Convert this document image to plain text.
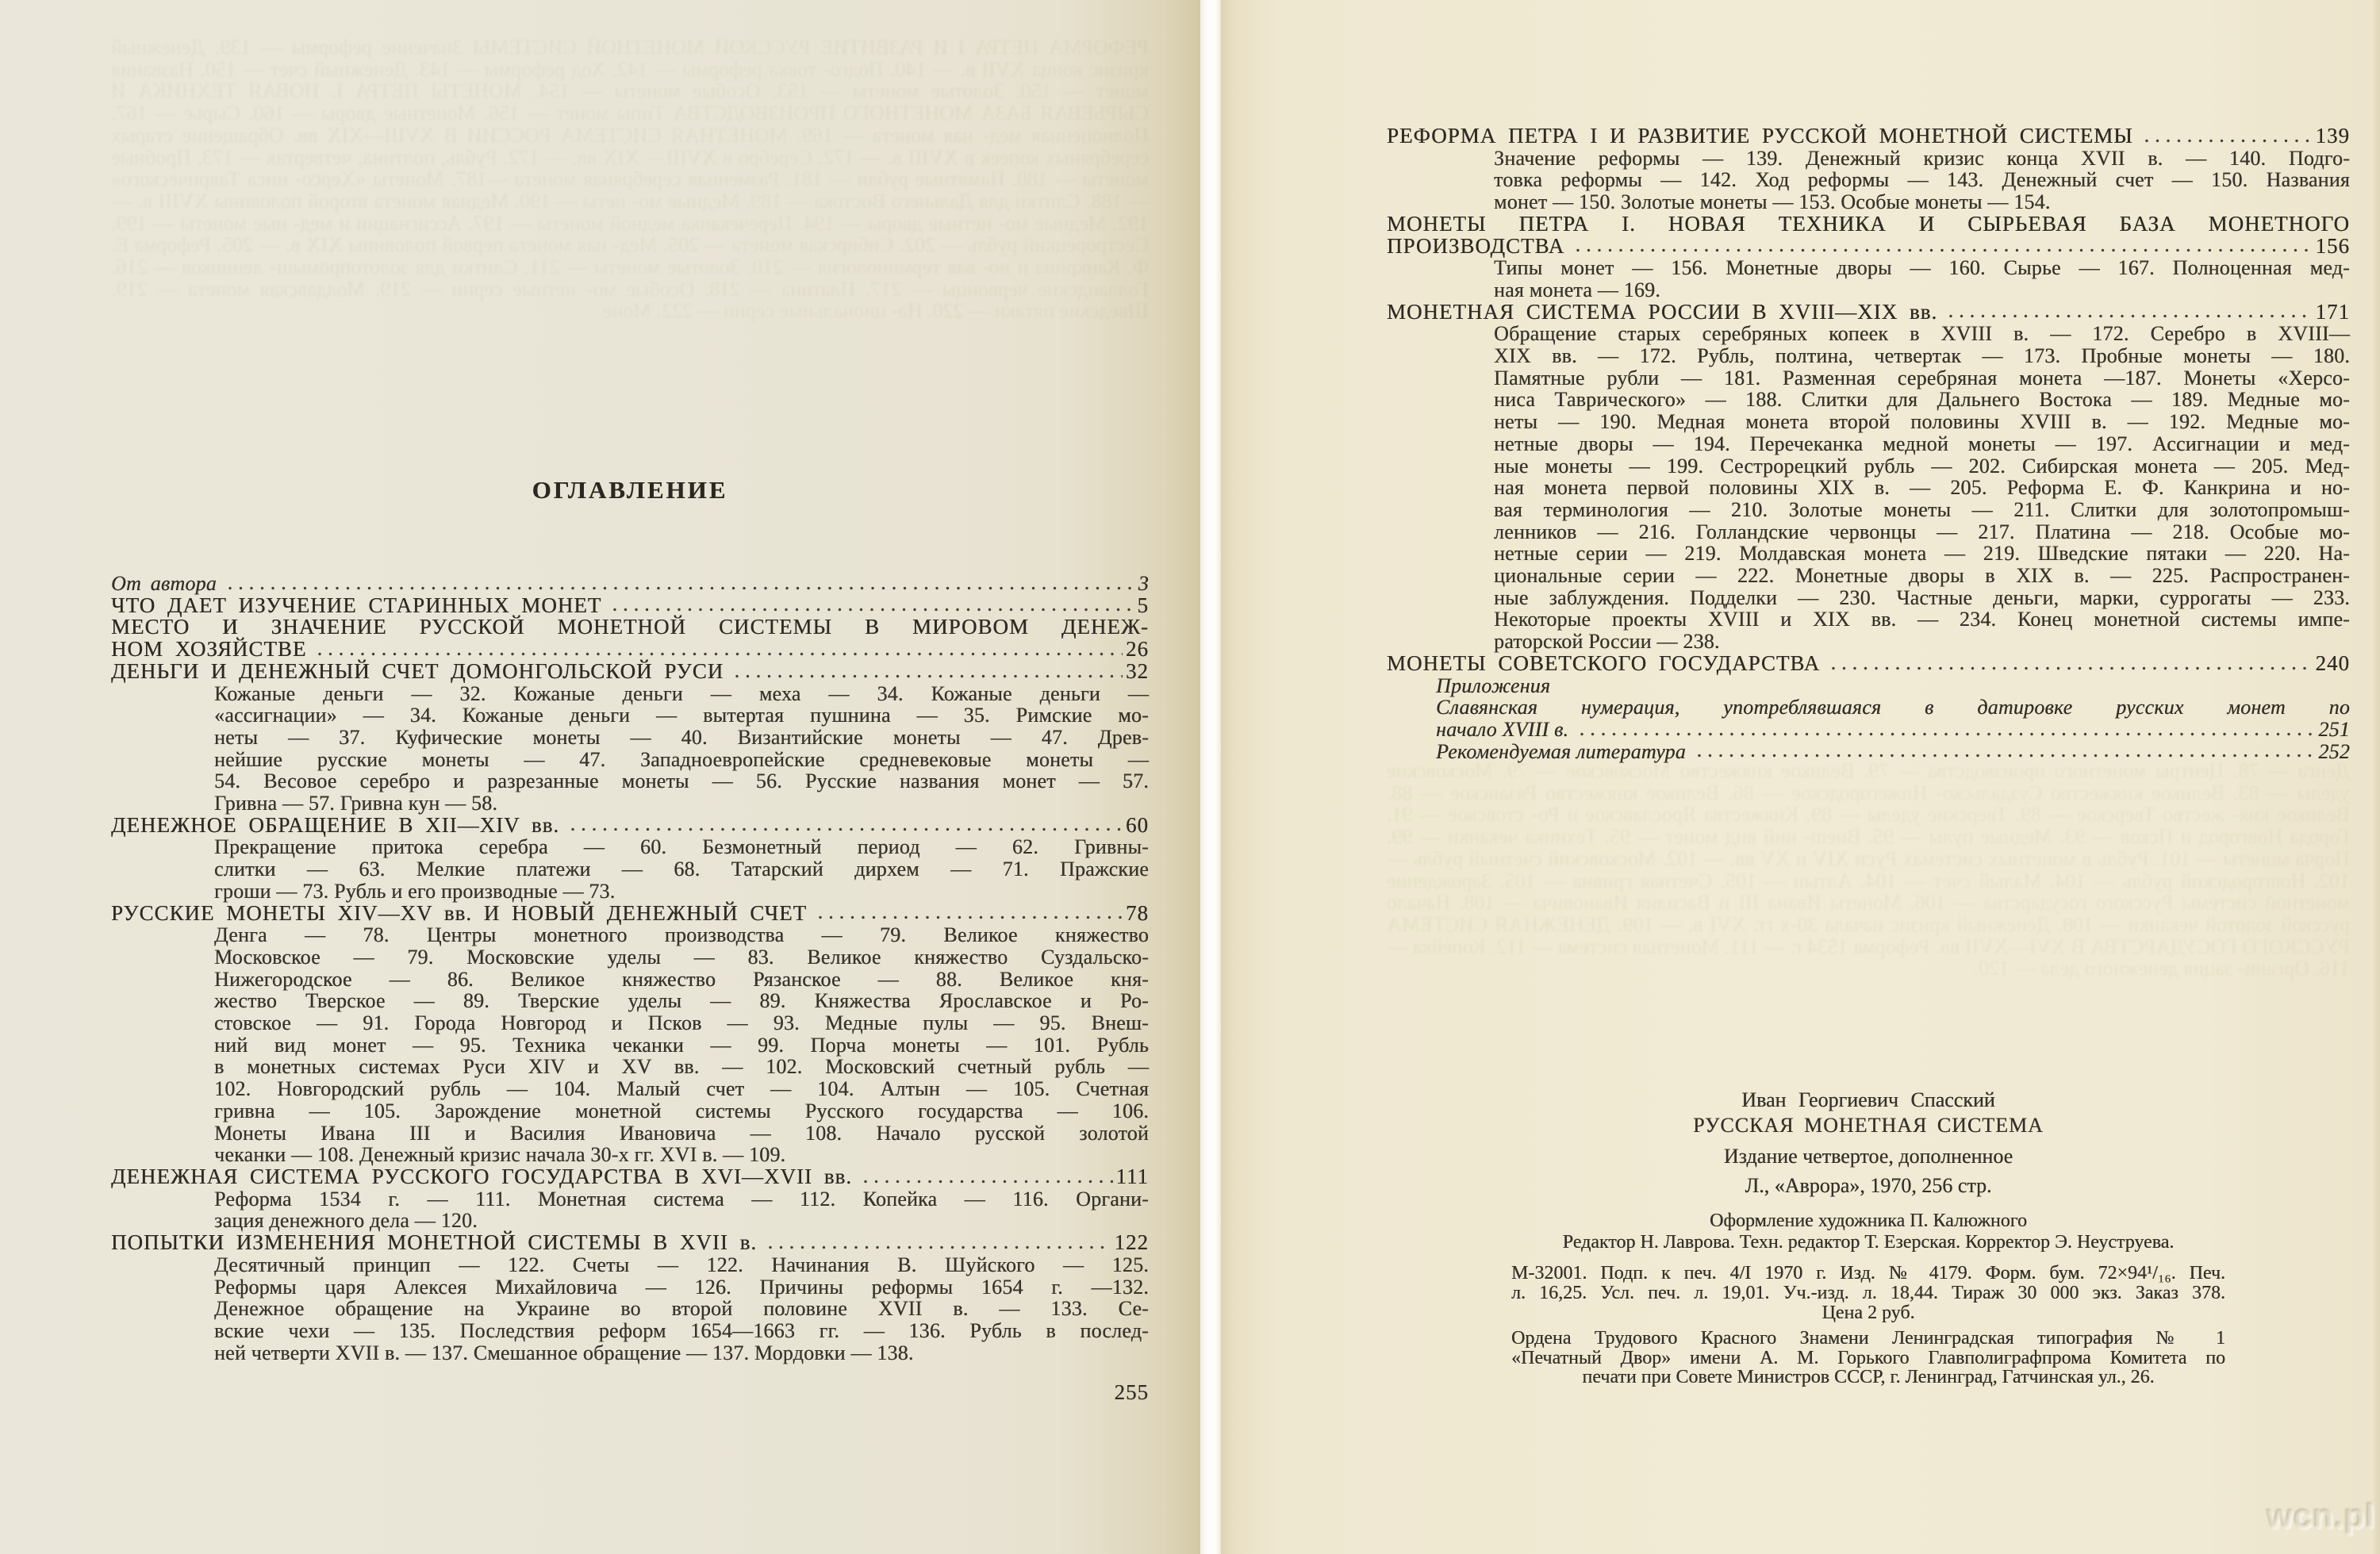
РЕФОРМА ПЕТРА I И РАЗВИТИЕ РУССКОЙ МОНЕТНОЙ СИСТЕМЫ Значение реформы — 139. Денежный кризис конца XVII в. — 140. Подго- товка реформы — 142. Ход реформы — 143. Денежный счет — 150. Названия монет — 150. Золотые монеты — 153. Особые монеты — 154. МОНЕТЫ ПЕТРА I. НОВАЯ ТЕХНИКА И СЫРЬЕВАЯ БАЗА МОНЕТНОГО ПРОИЗВОДСТВА Типы монет — 156. Монетные дворы — 160. Сырье — 167. Полноценная мед- ная монета — 169. МОНЕТНАЯ СИСТЕМА РОССИИ В XVIII—XIX вв. Обращение старых серебряных копеек в XVIII в. — 172. Серебро в XVIII— XIX вв. — 172. Рубль, полтина, четвертак — 173. Пробные монеты — 180. Памятные рубли — 181. Разменная серебряная монета —187. Монеты «Херсо- ниса Таврического» — 188. Слитки для Дальнего Востока — 189. Медные мо- неты — 190. Медная монета второй половины XVIII в. — 192. Медные мо- нетные дворы — 194. Перечеканка медной монеты — 197. Ассигнации и мед- ные монеты — 199. Сестрорецкий рубль — 202. Сибирская монета — 205. Мед- ная монета первой половины XIX в. — 205. Реформа Е. Ф. Канкрина и но- вая терминология — 210. Золотые монеты — 211. Слитки для золотопромыш- ленников — 216. Голландские червонцы — 217. Платина — 218. Особые мо- нетные серии — 219. Молдавская монета — 219. Шведские пятаки — 220. На- циональные серии — 222. Моне
ОГЛАВЛЕНИЕ
От автора	3
ЧТО ДАЕТ ИЗУЧЕНИЕ СТАРИННЫХ МОНЕТ	5
МЕСТО И ЗНАЧЕНИЕ РУССКОЙ МОНЕТНОЙ СИСТЕМЫ В МИРОВОМ ДЕНЕЖ-
НОМ ХОЗЯЙСТВЕ	26
ДЕНЬГИ И ДЕНЕЖНЫЙ СЧЕТ ДОМОНГОЛЬСКОЙ РУСИ	32
Кожаные деньги — 32. Кожаные деньги — меха — 34. Кожаные деньги —
«ассигнации» — 34. Кожаные деньги — вытертая пушнина — 35. Римские мо-
неты — 37. Куфические монеты — 40. Византийские монеты — 47. Древ-
нейшие русские монеты — 47. Западноевропейские средневековые монеты —
54. Весовое серебро и разрезанные монеты — 56. Русские названия монет — 57.
Гривна — 57. Гривна кун — 58.
ДЕНЕЖНОЕ ОБРАЩЕНИЕ В XII—XIV вв.	60
Прекращение притока серебра — 60. Безмонетный период — 62. Гривны-
слитки — 63. Мелкие платежи — 68. Татарский дирхем — 71. Пражские
гроши — 73. Рубль и его производные — 73.
РУССКИЕ МОНЕТЫ XIV—XV вв. И НОВЫЙ ДЕНЕЖНЫЙ СЧЕТ	78
Денга — 78. Центры монетного производства — 79. Великое княжество
Московское — 79. Московские уделы — 83. Великое княжество Суздальско-
Нижегородское — 86. Великое княжество Рязанское — 88. Великое кня-
жество Тверское — 89. Тверские уделы — 89. Княжества Ярославское и Ро-
стовское — 91. Города Новгород и Псков — 93. Медные пулы — 95. Внеш-
ний вид монет — 95. Техника чеканки — 99. Порча монеты — 101. Рубль
в монетных системах Руси XIV и XV вв. — 102. Московский счетный рубль —
102. Новгородский рубль — 104. Малый счет — 104. Алтын — 105. Счетная
гривна — 105. Зарождение монетной системы Русского государства — 106.
Монеты Ивана III и Василия Ивановича — 108. Начало русской золотой
чеканки — 108. Денежный кризис начала 30-х гг. XVI в. — 109.
ДЕНЕЖНАЯ СИСТЕМА РУССКОГО ГОСУДАРСТВА В XVI—XVII вв.	111
Реформа 1534 г. — 111. Монетная система — 112. Копейка — 116. Органи-
зация денежного дела — 120.
ПОПЫТКИ ИЗМЕНЕНИЯ МОНЕТНОЙ СИСТЕМЫ В XVII в.	122
Десятичный принцип — 122. Счеты — 122. Начинания В. Шуйского — 125.
Реформы царя Алексея Михайловича — 126. Причины реформы 1654 г. —132.
Денежное обращение на Украине во второй половине XVII в. — 133. Се-
вские чехи — 135. Последствия реформ 1654—1663 гг. — 136. Рубль в послед-
ней четверти XVII в. — 137. Смешанное обращение — 137. Мордовки — 138.
255
Денга — 78. Центры монетного производства — 79. Великое княжество Московское — 79. Московские уделы — 83. Великое княжество Суздальско- Нижегородское — 86. Великое княжество Рязанское — 88. Великое кня- жество Тверское — 89. Тверские уделы — 89. Княжества Ярославское и Ро- стовское — 91. Города Новгород и Псков — 93. Медные пулы — 95. Внеш- ний вид монет — 95. Техника чеканки — 99. Порча монеты — 101. Рубль в монетных системах Руси XIV и XV вв. — 102. Московский счетный рубль — 102. Новгородский рубль — 104. Малый счет — 104. Алтын — 105. Счетная гривна — 105. Зарождение монетной системы Русского государства — 106. Монеты Ивана III и Василия Ивановича — 108. Начало русской золотой чеканки — 108. Денежный кризис начала 30-х гг. XVI в. — 109. ДЕНЕЖНАЯ СИСТЕМА РУССКОГО ГОСУДАРСТВА В XVI—XVII вв. Реформа 1534 г. — 111. Монетная система — 112. Копейка — 116. Органи- зация денежного дела — 120.
РЕФОРМА ПЕТРА I И РАЗВИТИЕ РУССКОЙ МОНЕТНОЙ СИСТЕМЫ	139
Значение реформы — 139. Денежный кризис конца XVII в. — 140. Подго-
товка реформы — 142. Ход реформы — 143. Денежный счет — 150. Названия
монет — 150. Золотые монеты — 153. Особые монеты — 154.
МОНЕТЫ ПЕТРА I. НОВАЯ ТЕХНИКА И СЫРЬЕВАЯ БАЗА МОНЕТНОГО
ПРОИЗВОДСТВА	156
Типы монет — 156. Монетные дворы — 160. Сырье — 167. Полноценная мед-
ная монета — 169.
МОНЕТНАЯ СИСТЕМА РОССИИ В XVIII—XIX вв.	171
Обращение старых серебряных копеек в XVIII в. — 172. Серебро в XVIII—
XIX вв. — 172. Рубль, полтина, четвертак — 173. Пробные монеты — 180.
Памятные рубли — 181. Разменная серебряная монета —187. Монеты «Херсо-
ниса Таврического» — 188. Слитки для Дальнего Востока — 189. Медные мо-
неты — 190. Медная монета второй половины XVIII в. — 192. Медные мо-
нетные дворы — 194. Перечеканка медной монеты — 197. Ассигнации и мед-
ные монеты — 199. Сестрорецкий рубль — 202. Сибирская монета — 205. Мед-
ная монета первой половины XIX в. — 205. Реформа Е. Ф. Канкрина и но-
вая терминология — 210. Золотые монеты — 211. Слитки для золотопромыш-
ленников — 216. Голландские червонцы — 217. Платина — 218. Особые мо-
нетные серии — 219. Молдавская монета — 219. Шведские пятаки — 220. На-
циональные серии — 222. Монетные дворы в XIX в. — 225. Распространен-
ные заблуждения. Подделки — 230. Частные деньги, марки, суррогаты — 233.
Некоторые проекты XVIII и XIX вв. — 234. Конец монетной системы импе-
раторской России — 238.
МОНЕТЫ СОВЕТСКОГО ГОСУДАРСТВА	240
Приложения
Славянская нумерация, употреблявшаяся в датировке русских монет по
начало XVIII в.	251
Рекомендуемая литература	252
Иван Георгиевич Спасский
РУССКАЯ МОНЕТНАЯ СИСТЕМА
Издание четвертое, дополненное
Л., «Аврора», 1970, 256 стр.
Оформление художника П. Калюжного
Редактор Н. Лаврова. Техн. редактор Т. Езерская. Корректор Э. Неуструева.
М-32001. Подп. к печ. 4/I 1970 г. Изд. № 4179. Форм. бум. 72×94¹/₁₆. Печ.
л. 16,25. Усл. печ. л. 19,01. Уч.-изд. л. 18,44. Тираж 30 000 экз. Заказ 378.
Цена 2 руб.
Ордена Трудового Красного Знамени Ленинградская типография № 1
«Печатный Двор» имени А. М. Горького Главполиграфпрома Комитета по
печати при Совете Министров СССР, г. Ленинград, Гатчинская ул., 26.
wcn.pl
